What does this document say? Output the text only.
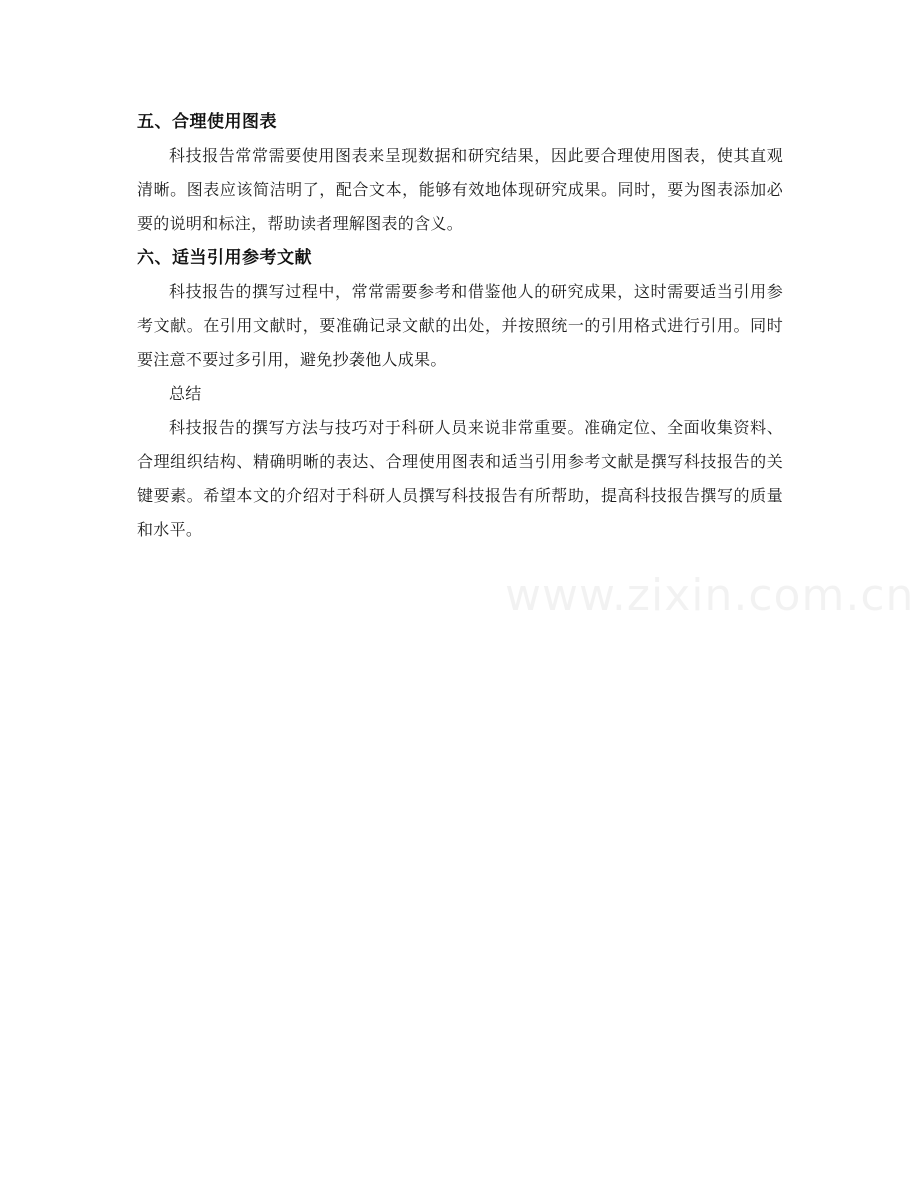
五、合理使用图表

科技报告常常需要使用图表来呈现数据和研究结果，因此要合理使用图表，使其直观清晰。图表应该简洁明了，配合文本，能够有效地体现研究成果。同时，要为图表添加必要的说明和标注，帮助读者理解图表的含义。

六、适当引用参考文献

科技报告的撰写过程中，常常需要参考和借鉴他人的研究成果，这时需要适当引用参考文献。在引用文献时，要准确记录文献的出处，并按照统一的引用格式进行引用。同时要注意不要过多引用，避免抄袭他人成果。

总结

科技报告的撰写方法与技巧对于科研人员来说非常重要。准确定位、全面收集资料、合理组织结构、精确明晰的表达、合理使用图表和适当引用参考文献是撰写科技报告的关键要素。希望本文的介绍对于科研人员撰写科技报告有所帮助，提高科技报告撰写的质量和水平。

www.zixin.com.cn
